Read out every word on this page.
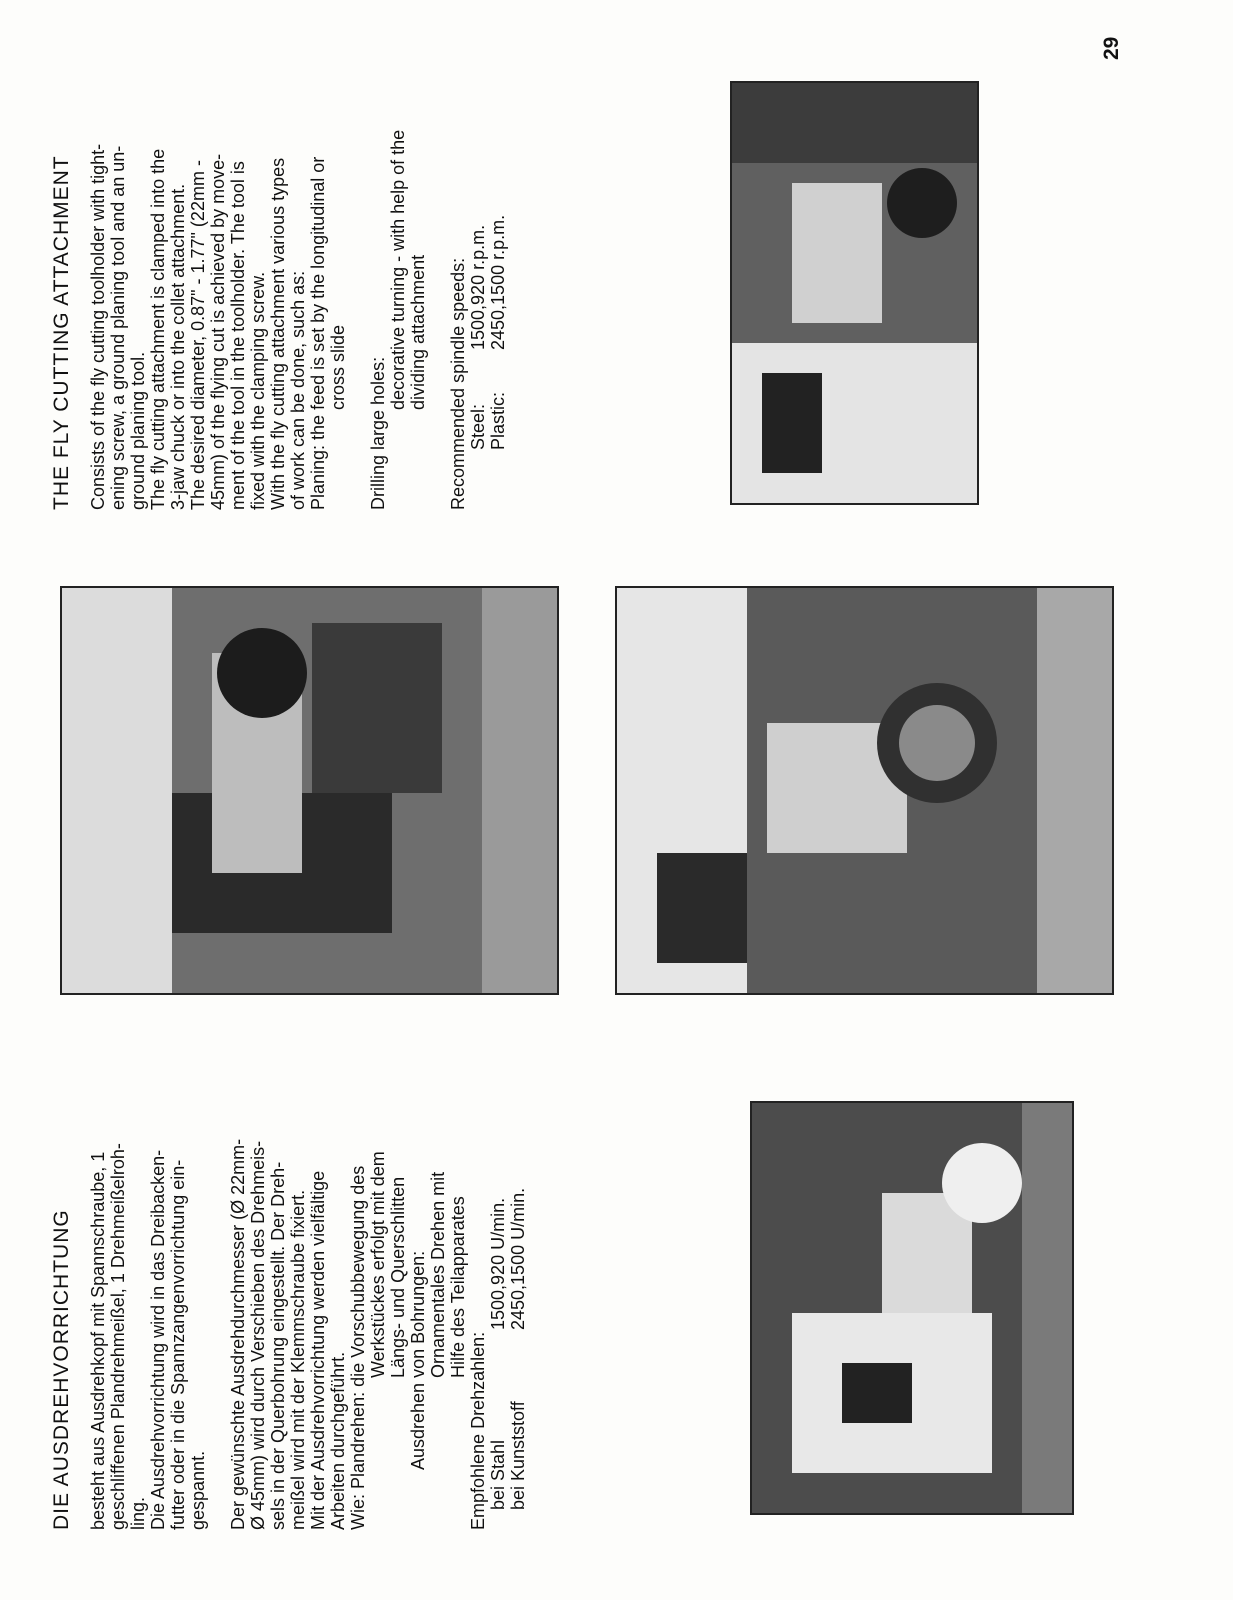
DIE AUSDREHVORRICHTUNG besteht aus Ausdrehkopf mit Spannschraube, 1 geschliffenen Plandrehmeißel, 1 Drehmeißelroh- ling. Die Ausdrehvorrichtung wird in das Dreibacken- futter oder in die Spannzangenvorrichtung ein- gespannt. Der gewünschte Ausdrehdurchmesser (Ø 22mm- Ø 45mm) wird durch Verschieben des Drehmeis- sels in der Querbohrung eingestellt. Der Dreh- meißel wird mit der Klemmschraube fixiert. Mit der Ausdrehvorrichtung werden vielfältige Arbeiten durchgeführt. Wie: Plandrehen: die Vorschubbewegung des Werkstückes erfolgt mit dem Längs- und Querschlitten Ausdrehen von Bohrungen: Ornamentales Drehen mit Hilfe des Teilapparates

Empfohlene Drehzahlen: bei Stahl
1500,920 U/min.
bei Kunststoff
2450,1500 U/min.
THE FLY CUTTING ATTACHMENT Consists of the fly cutting toolholder with tight- ening screw, a ground planing tool and an un- ground planing tool. The fly cutting attachment is clamped into the 3-jaw chuck or into the collet attachment. The desired diameter, 0.87" - 1.77" (22mm - 45mm) of the flying cut is achieved by move- ment of the tool in the toolholder. The tool is fixed with the clamping screw. With the fly cutting attachment various types of work can be done, such as: Planing: the feed is set by the longitudinal or cross slide Drilling large holes:

decorative turning - with help of the dividing attachment Recommended spindle speeds: Steel:
1500,920 r.p.m.
Plastic:
2450,1500 r.p.m.
29
